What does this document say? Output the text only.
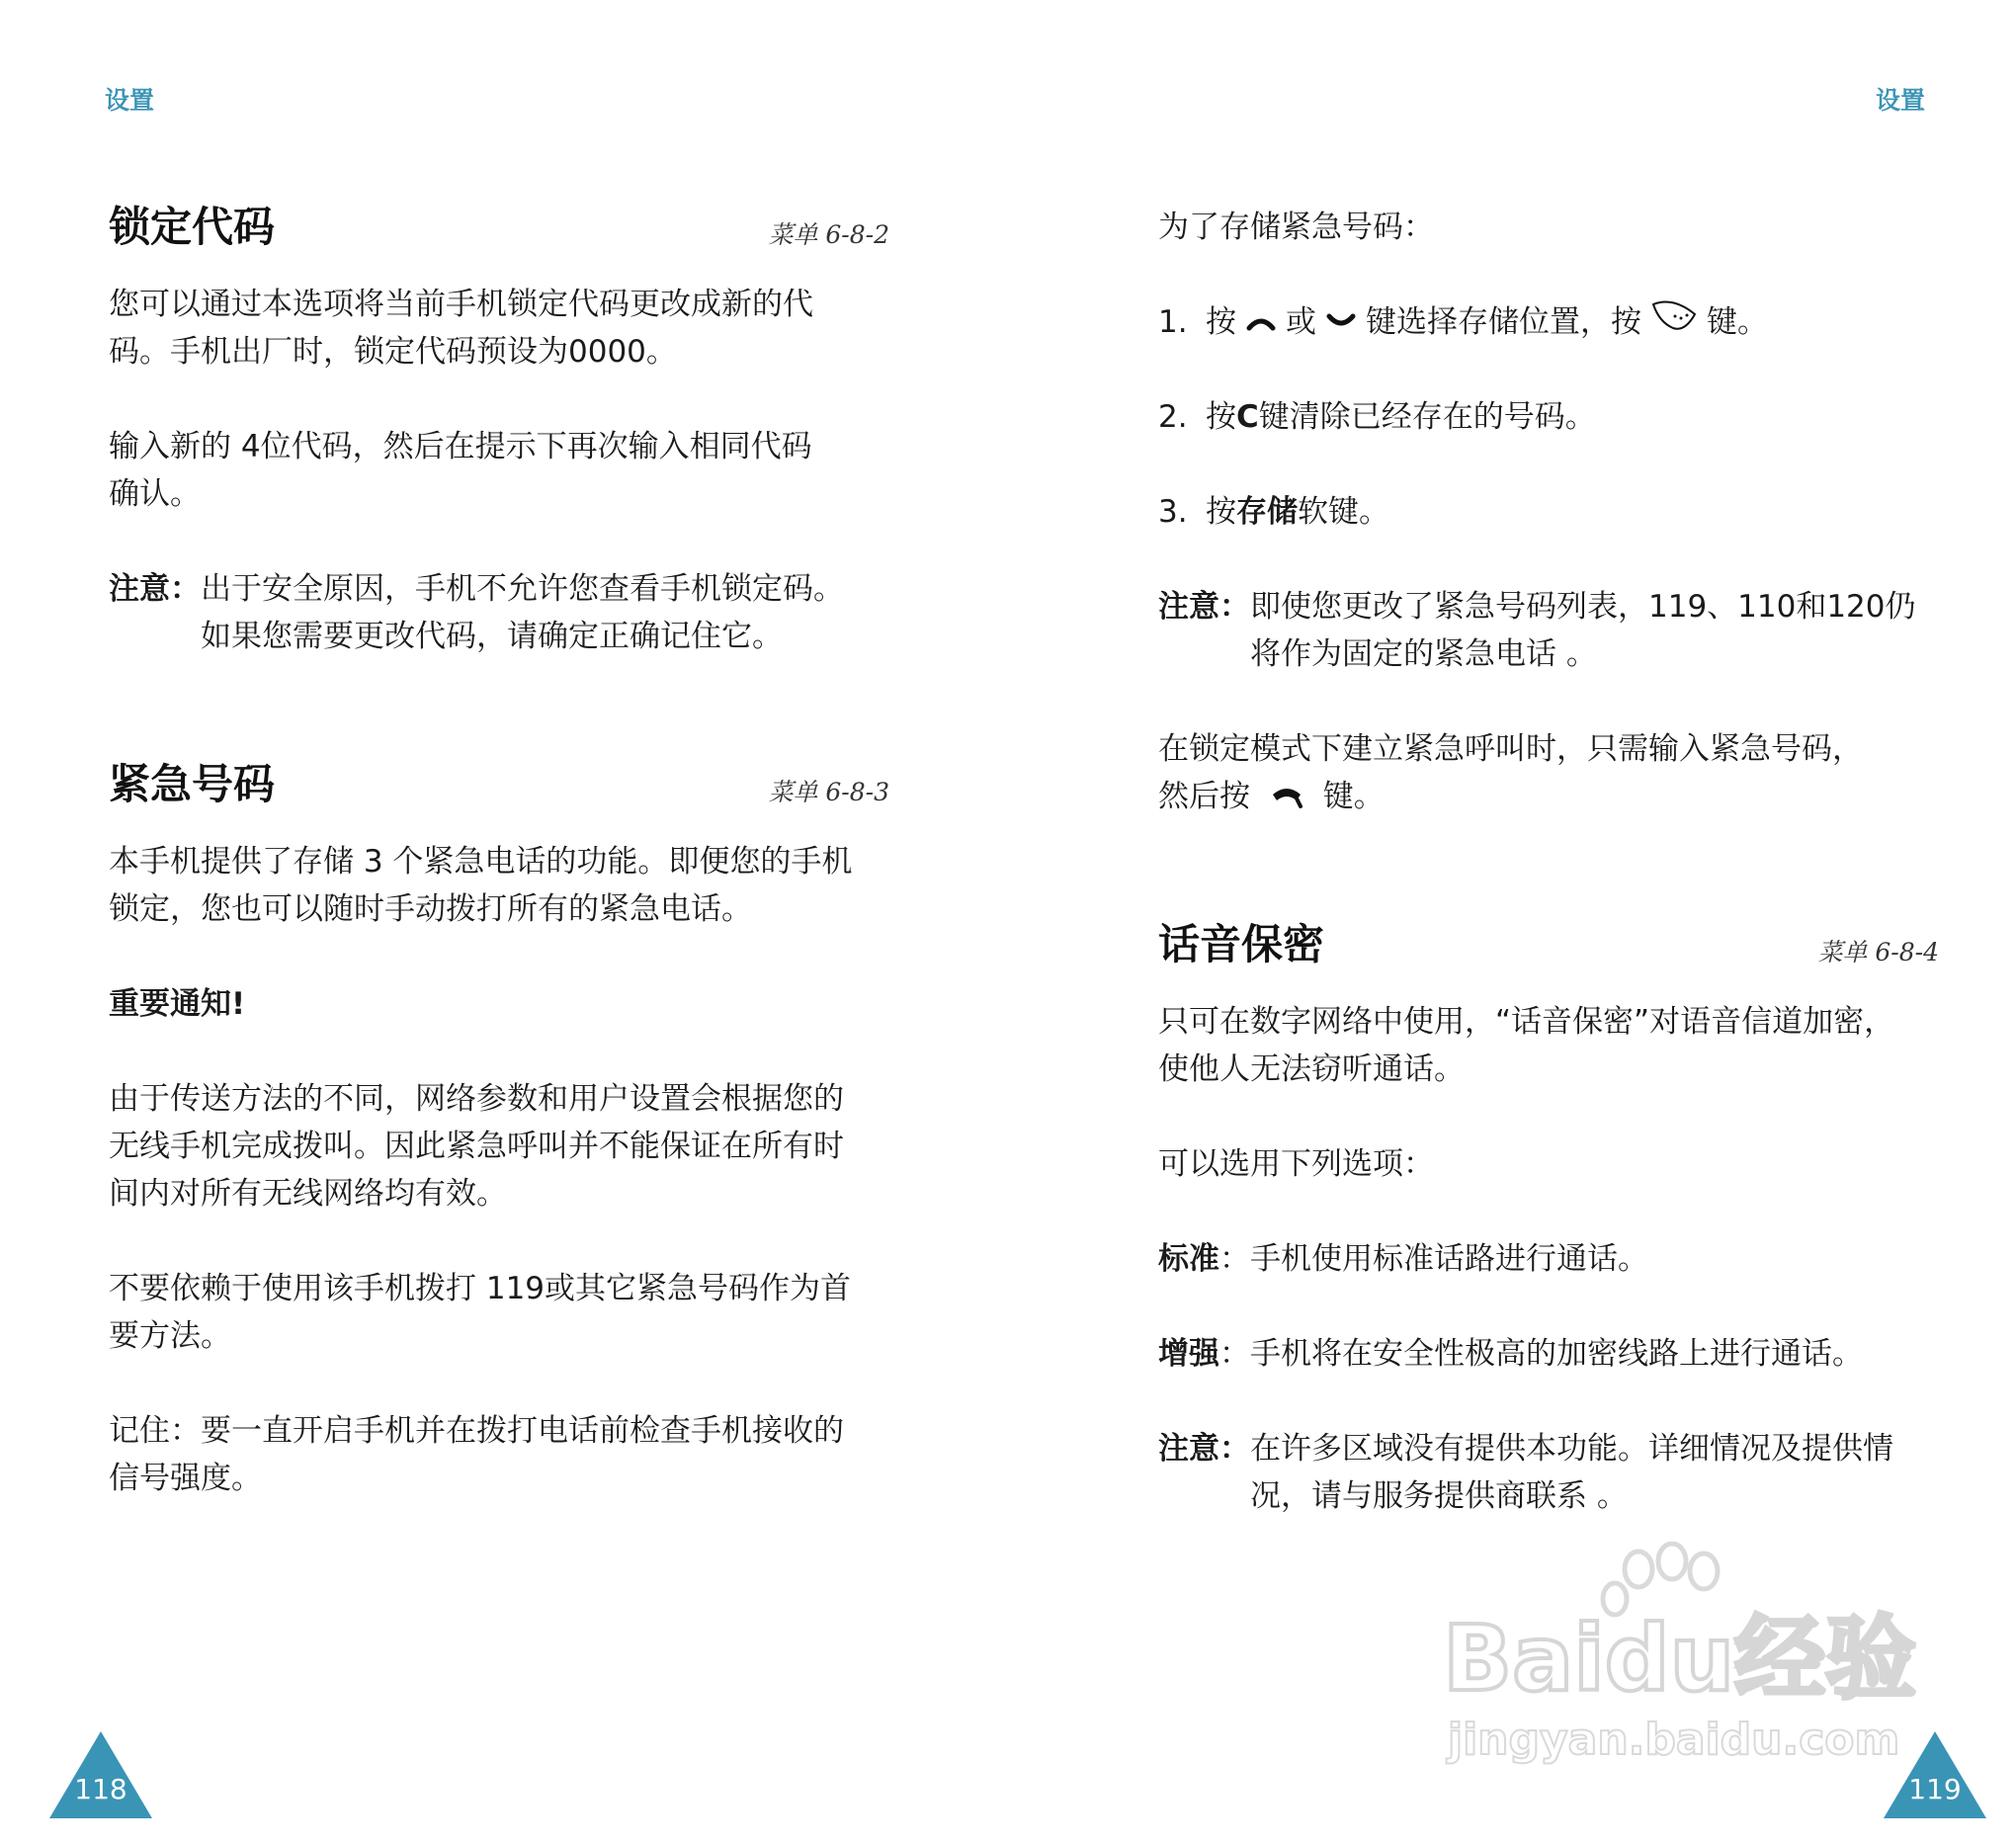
设置
锁定代码	菜单 6-8-2

您可以通过本选项将当前手机锁定代码更改成新的代

码。手机出厂时，锁定代码预设为0000。

输入新的 4位代码，然后在提示下再次输入相同代码

确认。

注意： 出于安全原因，手机不允许您查看手机锁定码。

如果您需要更改代码，请确定正确记住它。

紧急号码	菜单 6-8-3

本手机提供了存储 3 个紧急电话的功能。即便您的手机

锁定，您也可以随时手动拨打所有的紧急电话。

重要通知!

由于传送方法的不同，网络参数和用户设置会根据您的

无线手机完成拨叫。因此紧急呼叫并不能保证在所有时

间内对所有无线网络均有效。

不要依赖于使用该手机拨打 119或其它紧急号码作为首

要方法。

记住：要一直开启手机并在拨打电话前检查手机接收的

信号强度。

118
设置

为了存储紧急号码：

1. 按 或 键选择存储位置，按 键。
2. 按 C 键清除已经存在的号码。
3. 按 存储 软键。
注意： 即使您更改了紧急号码列表，119、110和120仍

将作为固定的紧急电话 。

在锁定模式下建立紧急呼叫时，只需输入紧急号码，

然后按 键。

话音保密	菜单 6-8-4

只可在数字网络中使用，“话音保密”对语音信道加密，

使他人无法窃听通话。

可以选用下列选项：

标准：手机使用标准话路进行通话。

增强：手机将在安全性极高的加密线路上进行通话。

注意： 在许多区域没有提供本功能。详细情况及提供情

况，请与服务提供商联系 。

119
Baidu经验
jingyan.baidu.com
